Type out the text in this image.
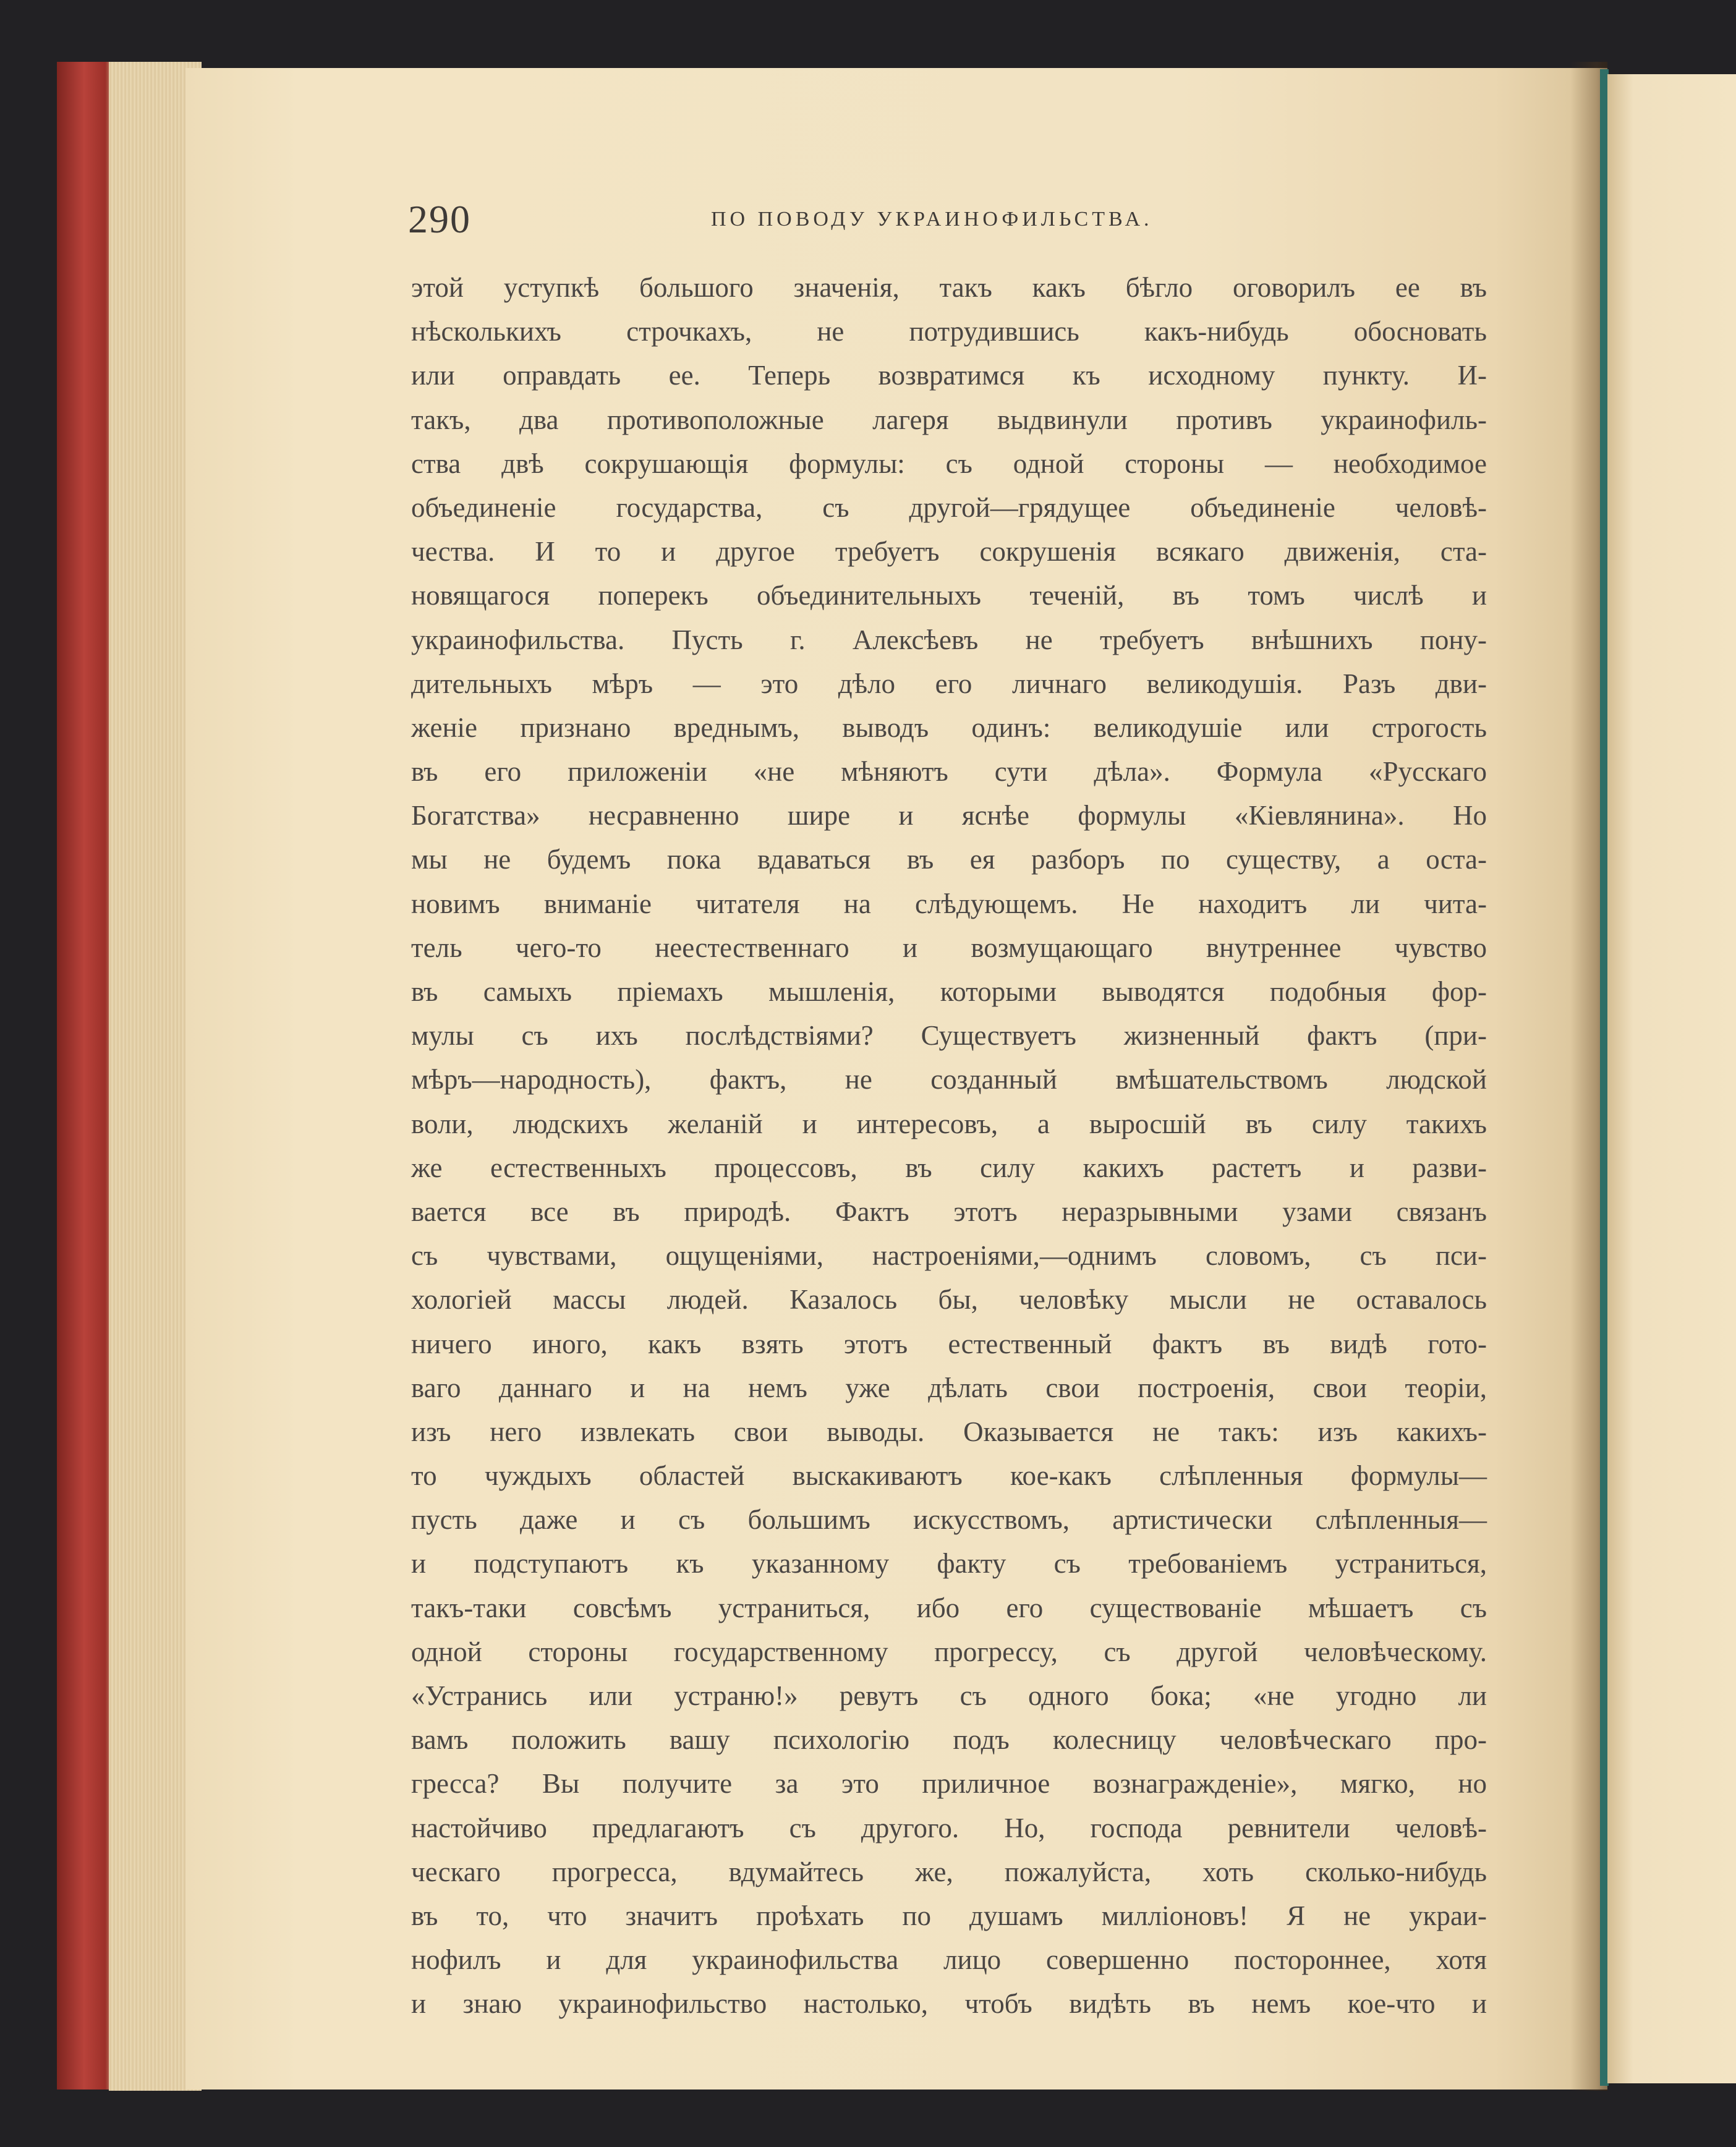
290	ПО ПОВОДУ УКРАИНОФИЛЬСТВА.
этой уступкѣ большого значенія, такъ какъ бѣгло оговорилъ ее въ
нѣсколькихъ строчкахъ, не потрудившись какъ-нибудь обосновать
или оправдать ее. Теперь возвратимся къ исходному пункту. И-
такъ, два противоположные лагеря выдвинули противъ украинофиль-
ства двѣ сокрушающія формулы: съ одной стороны — необходимое
объединеніе государства, съ другой—грядущее объединеніе человѣ-
чества. И то и другое требуетъ сокрушенія всякаго движенія, ста-
новящагося поперекъ объединительныхъ теченій, въ томъ числѣ и
украинофильства. Пусть г. Алексѣевъ не требуетъ внѣшнихъ пону-
дительныхъ мѣръ — это дѣло его личнаго великодушія. Разъ дви-
женіе признано вреднымъ, выводъ одинъ: великодушіе или строгость
въ его приложеніи «не мѣняютъ сути дѣла». Формула «Русскаго
Богатства» несравненно шире и яснѣе формулы «Кіевлянина». Но
мы не будемъ пока вдаваться въ ея разборъ по существу, а оста-
новимъ вниманіе читателя на слѣдующемъ. Не находитъ ли чита-
тель чего-то неестественнаго и возмущающаго внутреннее чувство
въ самыхъ пріемахъ мышленія, которыми выводятся подобныя фор-
мулы съ ихъ послѣдствіями? Существуетъ жизненный фактъ (при-
мѣръ—народность), фактъ, не созданный вмѣшательствомъ людской
воли, людскихъ желаній и интересовъ, а выросшій въ силу такихъ
же естественныхъ процессовъ, въ силу какихъ растетъ и разви-
вается все въ природѣ. Фактъ этотъ неразрывными узами связанъ
съ чувствами, ощущеніями, настроеніями,—однимъ словомъ, съ пси-
хологіей массы людей. Казалось бы, человѣку мысли не оставалось
ничего иного, какъ взять этотъ естественный фактъ въ видѣ гото-
ваго даннаго и на немъ уже дѣлать свои построенія, свои теоріи,
изъ него извлекать свои выводы. Оказывается не такъ: изъ какихъ-
то чуждыхъ областей выскакиваютъ кое-какъ слѣпленныя формулы—
пусть даже и съ большимъ искусствомъ, артистически слѣпленныя—
и подступаютъ къ указанному факту съ требованіемъ устраниться,
такъ-таки совсѣмъ устраниться, ибо его существованіе мѣшаетъ съ
одной стороны государственному прогрессу, съ другой человѣческому.
«Устранись или устраню!» ревутъ съ одного бока; «не угодно ли
вамъ положить вашу психологію подъ колесницу человѣческаго про-
гресса? Вы получите за это приличное вознагражденіе», мягко, но
настойчиво предлагаютъ съ другого. Но, господа ревнители человѣ-
ческаго прогресса, вдумайтесь же, пожалуйста, хоть сколько-нибудь
въ то, что значитъ проѣхать по душамъ милліоновъ! Я не украи-
нофилъ и для украинофильства лицо совершенно постороннее, хотя
и знаю украинофильство настолько, чтобъ видѣть въ немъ кое-что и
